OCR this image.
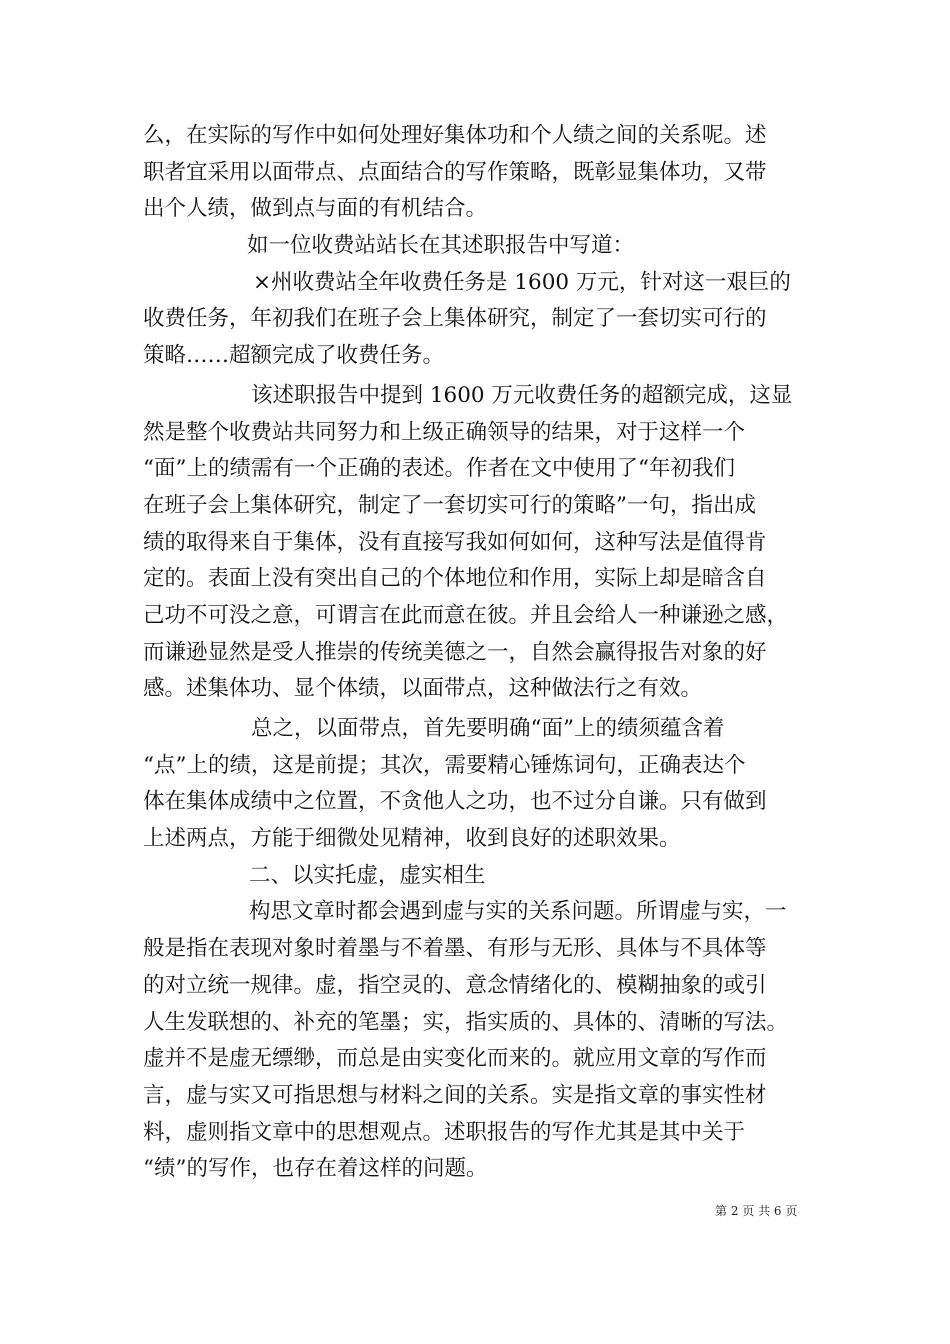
么，在实际的写作中如何处理好集体功和个人绩之间的关系呢。述
职者宜采用以面带点、点面结合的写作策略，既彰显集体功，又带
出个人绩，做到点与面的有机结合。
如一位收费站站长在其述职报告中写道：
×州收费站全年收费任务是 1600 万元，针对这一艰巨的
收费任务，年初我们在班子会上集体研究，制定了一套切实可行的
策略……超额完成了收费任务。
该述职报告中提到 1600 万元收费任务的超额完成，这显
然是整个收费站共同努力和上级正确领导的结果，对于这样一个
“面”上的绩需有一个正确的表述。作者在文中使用了“年初我们
在班子会上集体研究，制定了一套切实可行的策略”一句，指出成
绩的取得来自于集体，没有直接写我如何如何，这种写法是值得肯
定的。表面上没有突出自己的个体地位和作用，实际上却是暗含自
己功不可没之意，可谓言在此而意在彼。并且会给人一种谦逊之感，
而谦逊显然是受人推崇的传统美德之一，自然会赢得报告对象的好
感。述集体功、显个体绩，以面带点，这种做法行之有效。
总之，以面带点，首先要明确“面”上的绩须蕴含着
“点”上的绩，这是前提；其次，需要精心锤炼词句，正确表达个
体在集体成绩中之位置，不贪他人之功，也不过分自谦。只有做到
上述两点，方能于细微处见精神，收到良好的述职效果。
二、以实托虚，虚实相生
构思文章时都会遇到虚与实的关系问题。所谓虚与实，一
般是指在表现对象时着墨与不着墨、有形与无形、具体与不具体等
的对立统一规律。虚，指空灵的、意念情绪化的、模糊抽象的或引
人生发联想的、补充的笔墨；实，指实质的、具体的、清晰的写法。
虚并不是虚无缥缈，而总是由实变化而来的。就应用文章的写作而
言，虚与实又可指思想与材料之间的关系。实是指文章的事实性材
料，虚则指文章中的思想观点。述职报告的写作尤其是其中关于
“绩”的写作，也存在着这样的问题。
第 2 页 共 6 页
